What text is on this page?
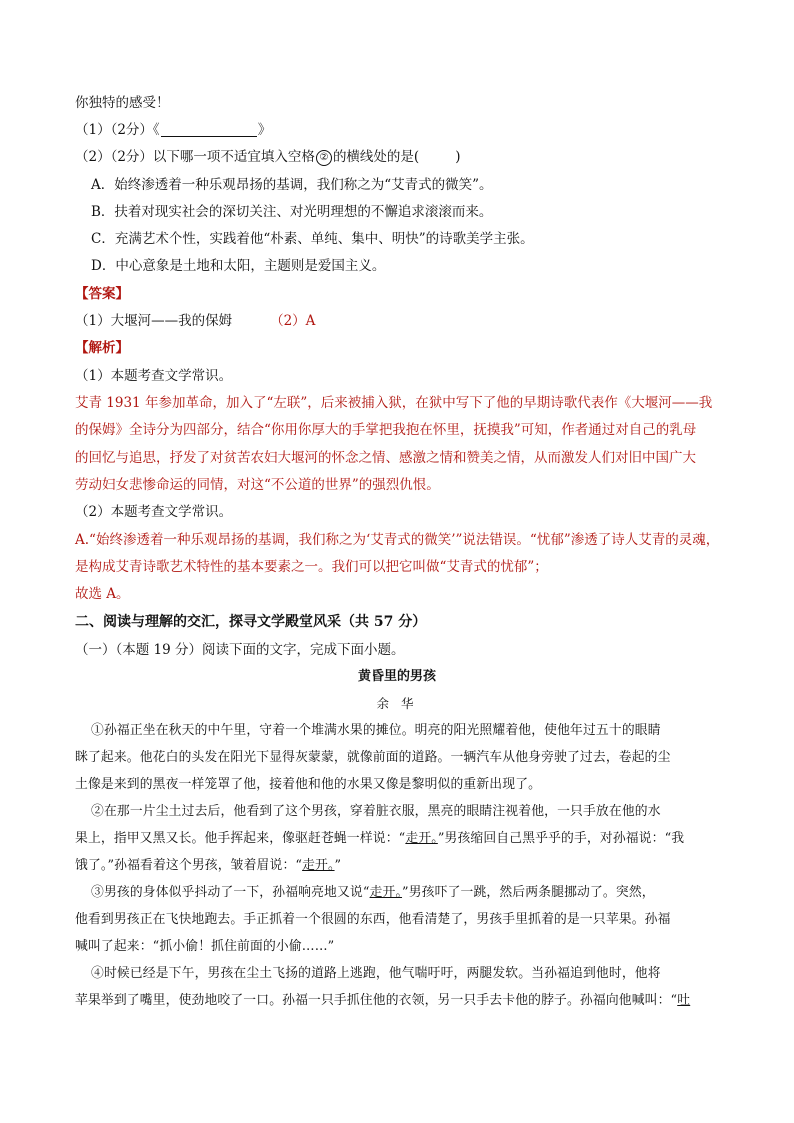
你独特的感受！
（1）（2分）《	》
（2）（2分）以下哪一项不适宜填入空格 ② 的横线处的是(	)
A．始终渗透着一种乐观昂扬的基调，我们称之为“艾青式的微笑”。
B．扶着对现实社会的深切关注、对光明理想的不懈追求滚滚而来。
C．充满艺术个性，实践着他“朴素、单纯、集中、明快”的诗歌美学主张。
D．中心意象是土地和太阳，主题则是爱国主义。
【答案】
（1）大堰河——我的保姆	（2）A
【解析】
（1）本题考查文学常识。
艾青 1931 年参加革命，加入了“左联”，后来被捕入狱，在狱中写下了他的早期诗歌代表作《大堰河——我
的保姆》全诗分为四部分，结合“你用你厚大的手掌把我抱在怀里，抚摸我”可知，作者通过对自己的乳母
的回忆与追思，抒发了对贫苦农妇大堰河的怀念之情、感激之情和赞美之情，从而激发人们对旧中国广大
劳动妇女悲惨命运的同情，对这“不公道的世界”的强烈仇恨。
（2）本题考查文学常识。
A.“始终渗透着一种乐观昂扬的基调，我们称之为‘艾青式的微笑’”说法错误。“忧郁”渗透了诗人艾青的灵魂，
是构成艾青诗歌艺术特性的基本要素之一。我们可以把它叫做“艾青式的忧郁”；
故选 A。
二、阅读与理解的交汇，探寻文学殿堂风采（共 57 分）
（一）（本题 19 分）阅读下面的文字，完成下面小题。
黄昏里的男孩
余 华
①孙福正坐在秋天的中午里，守着一个堆满水果的摊位。明亮的阳光照耀着他，使他年过五十的眼睛
眯了起来。他花白的头发在阳光下显得灰蒙蒙，就像前面的道路。一辆汽车从他身旁驶了过去，卷起的尘
土像是来到的黑夜一样笼罩了他，接着他和他的水果又像是黎明似的重新出现了。
②在那一片尘土过去后，他看到了这个男孩，穿着脏衣服，黑亮的眼睛注视着他，一只手放在他的水
果上，指甲又黑又长。他手挥起来，像驱赶苍蝇一样说：“走开。”男孩缩回自己黑乎乎的手，对孙福说：“我
饿了。”孙福看着这个男孩，皱着眉说：“走开。”
③男孩的身体似乎抖动了一下，孙福响亮地又说“走开。”男孩吓了一跳，然后两条腿挪动了。突然，
他看到男孩正在飞快地跑去。手正抓着一个很圆的东西，他看清楚了，男孩手里抓着的是一只苹果。孙福
喊叫了起来：“抓小偷！抓住前面的小偷……”
④时候已经是下午，男孩在尘土飞扬的道路上逃跑，他气喘吁吁，两腿发软。当孙福追到他时，他将
苹果举到了嘴里，使劲地咬了一口。孙福一只手抓住他的衣领，另一只手去卡他的脖子。孙福向他喊叫：“吐
